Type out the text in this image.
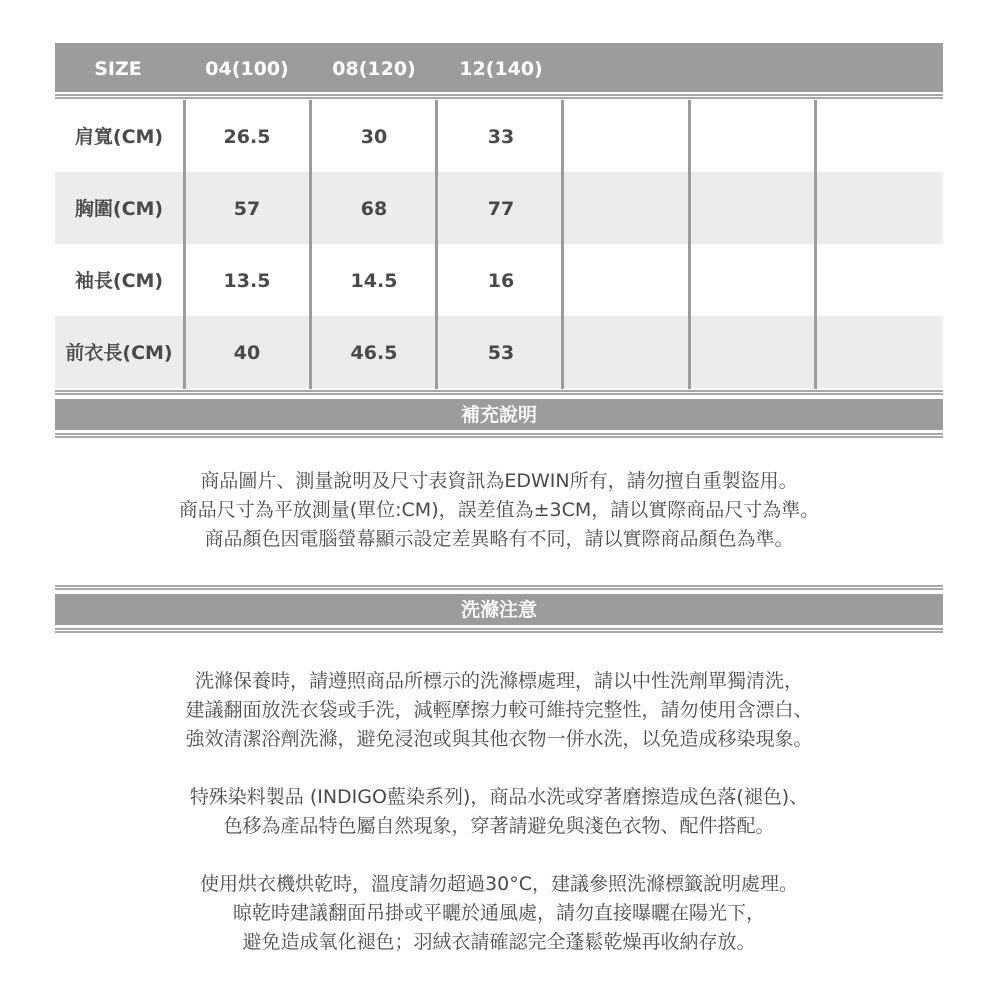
SIZE	04(100)	08(120)	12(140)
肩寬(CM)	26.5	30	33
胸圍(CM)	57	68	77
袖長(CM)	13.5	14.5	16
前衣長(CM)	40	46.5	53
補充說明
商品圖片、測量說明及尺寸表資訊為EDWIN所有，請勿擅自重製盜用。
商品尺寸為平放測量(單位:CM)，誤差值為±3CM，請以實際商品尺寸為準。
商品顏色因電腦螢幕顯示設定差異略有不同，請以實際商品顏色為準。
洗滌注意
洗滌保養時，請遵照商品所標示的洗滌標處理，請以中性洗劑單獨清洗，
建議翻面放洗衣袋或手洗，減輕摩擦力較可維持完整性，請勿使用含漂白、
強效清潔浴劑洗滌，避免浸泡或與其他衣物一併水洗，以免造成移染現象。
特殊染料製品 (INDIGO藍染系列)，商品水洗或穿著磨擦造成色落(褪色)、
色移為產品特色屬自然現象，穿著請避免與淺色衣物、配件搭配。
使用烘衣機烘乾時，溫度請勿超過30°C，建議參照洗滌標籤說明處理。
晾乾時建議翻面吊掛或平曬於通風處，請勿直接曝曬在陽光下，
避免造成氧化褪色；羽絨衣請確認完全蓬鬆乾燥再收納存放。
